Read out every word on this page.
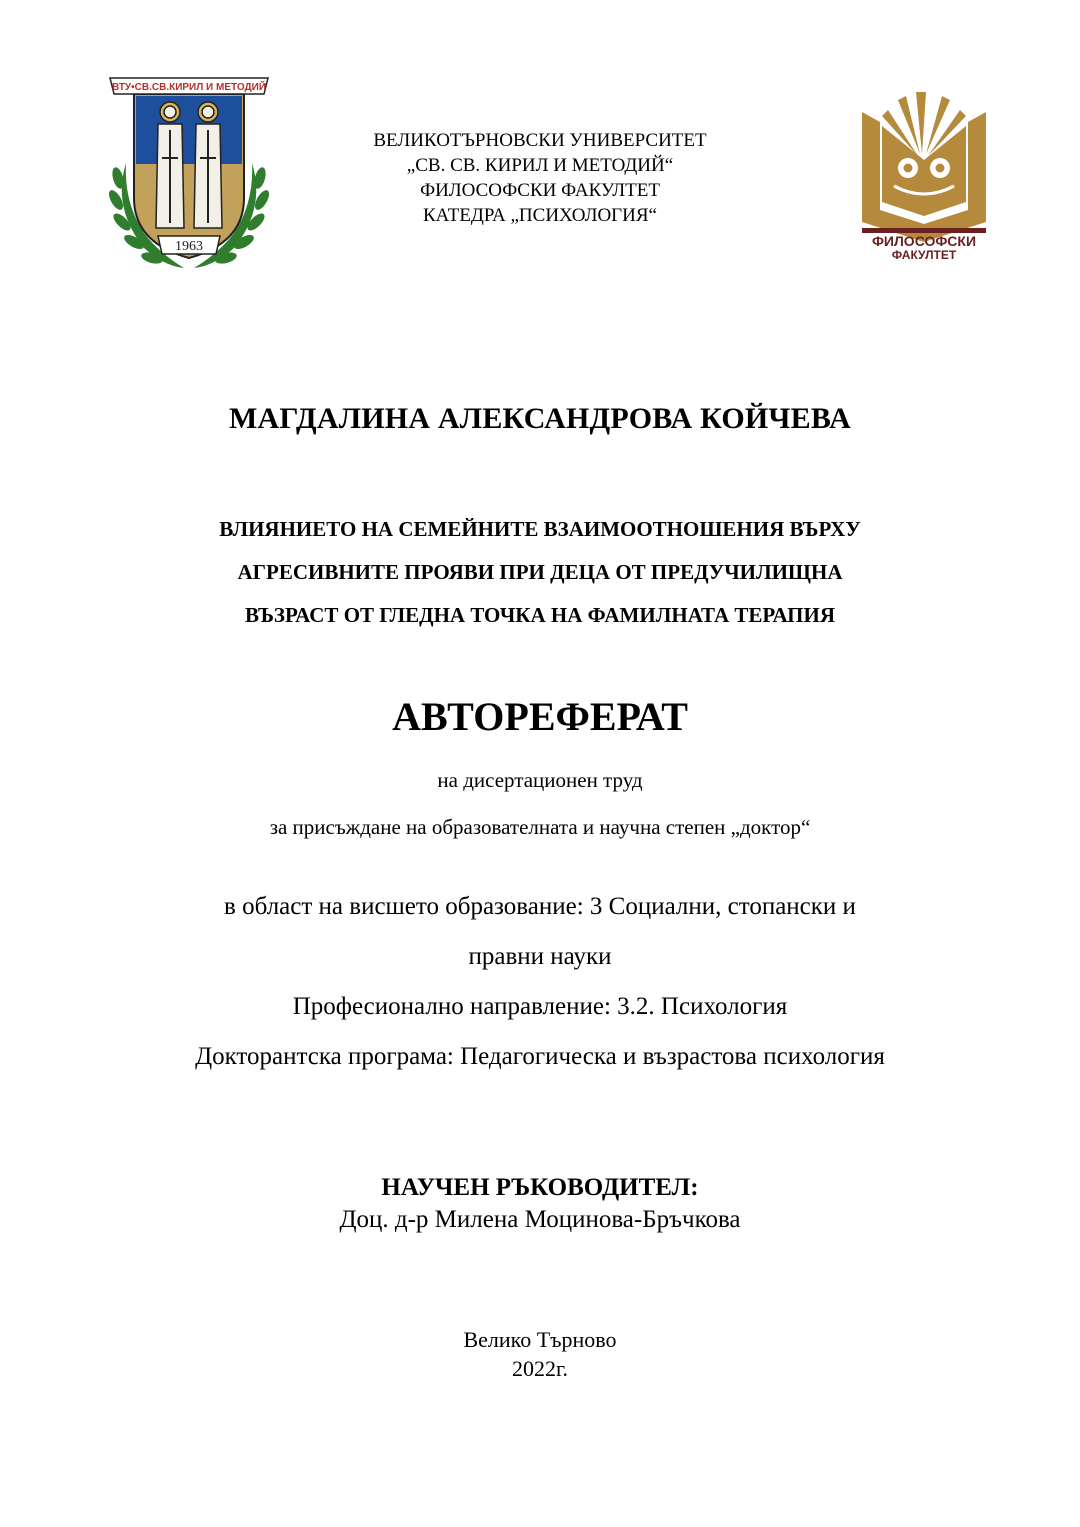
ВТУ•СВ.СВ.КИРИЛ И МЕТОДИЙ
1963
ВЕЛИКОТЪРНОВСКИ УНИВЕРСИТЕТ
„СВ. СВ. КИРИЛ И МЕТОДИЙ“
ФИЛОСОФСКИ ФАКУЛТЕТ
КАТЕДРА „ПСИХОЛОГИЯ“
ФИЛОСОФСКИ
ФАКУЛТЕТ
МАГДАЛИНА АЛЕКСАНДРОВА КОЙЧЕВА
ВЛИЯНИЕТО НА СЕМЕЙНИТЕ ВЗАИМООТНОШЕНИЯ ВЪРХУ
АГРЕСИВНИТЕ ПРОЯВИ ПРИ ДЕЦА ОТ ПРЕДУЧИЛИЩНА
ВЪЗРАСТ ОТ ГЛЕДНА ТОЧКА НА ФАМИЛНАТА ТЕРАПИЯ
АВТОРЕФЕРАТ
на дисертационен труд
за присъждане на образователната и научна степен „доктор“
в област на висшето образование: 3 Социални, стопански и
правни науки
Професионално направление: 3.2. Психология
Докторантска програма: Педагогическа и възрастова психология
НАУЧЕН РЪКОВОДИТЕЛ:
Доц. д-р Милена Моцинова-Бръчкова
Велико Търново
2022г.
